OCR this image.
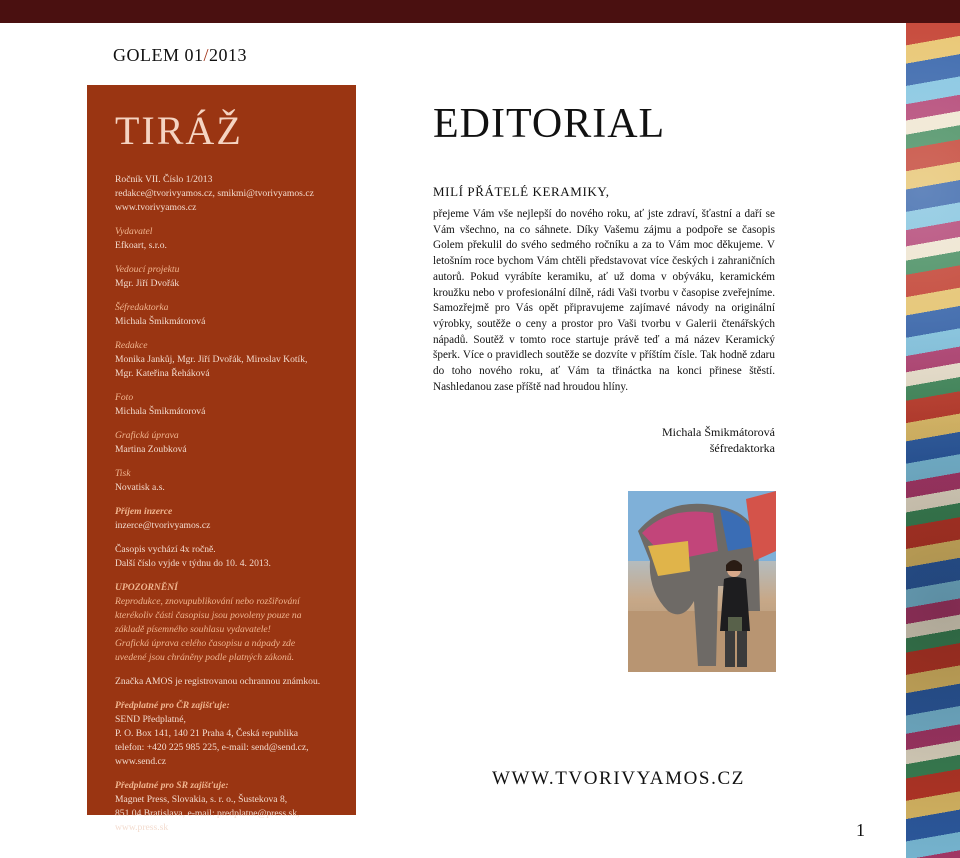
GOLEM 01/2013
TIRÁŽ
Ročník VII. Číslo 1/2013
redakce@tvorivyamos.cz, smikmi@tvorivyamos.cz
www.tvorivyamos.cz
Vydavatel
Efkoart, s.r.o.
Vedoucí projektu
Mgr. Jiří Dvořák
Šéfredaktorka
Michala Šmikmátorová
Redakce
Monika Jankůj, Mgr. Jiří Dvořák, Miroslav Kotík,
Mgr. Kateřina Řeháková
Foto
Michala Šmikmátorová
Grafická úprava
Martina Zoubková
Tisk
Novatisk a.s.
Příjem inzerce
inzerce@tvorivyamos.cz
Časopis vychází 4x ročně.
Další číslo vyjde v týdnu do 10. 4. 2013.
UPOZORNĚNÍ
Reprodukce, znovupublikování nebo rozšiřování
kterékoliv části časopisu jsou povoleny pouze na
základě písemného souhlasu vydavatele!
Grafická úprava celého časopisu a nápady zde
uvedené jsou chráněny podle platných zákonů.
Značka AMOS je registrovanou ochrannou známkou.
Předplatné pro ČR zajišťuje:
SEND Předplatné,
P. O. Box 141, 140 21 Praha 4, Česká republika
telefon: +420 225 985 225, e-mail: send@send.cz,
www.send.cz
Předplatné pro SR zajišťuje:
Magnet Press, Slovakia, s. r. o., Šustekova 8,
851 04 Bratislava, e-mail: predplatne@press.sk,
www.press.sk
EDITORIAL
MILÍ PŘÁTELÉ KERAMIKY,
přejeme Vám vše nejlepší do nového roku, ať jste zdraví, šťastní a daří se Vám všechno, na co sáhnete. Díky Vašemu zájmu a podpoře se časopis Golem překulil do svého sedmého ročníku a za to Vám moc děkujeme. V letošním roce bychom Vám chtěli představovat více českých i zahraničních autorů. Pokud vyrábíte keramiku, ať už doma v obýváku, keramickém kroužku nebo v profesionální dílně, rádi Vaši tvorbu v časopise zveřejníme. Samozřejmě pro Vás opět připravujeme zajímavé návody na originální výrobky, soutěže o ceny a prostor pro Vaši tvorbu v Galerii čtenářských nápadů. Soutěž v tomto roce startuje právě teď a má název Keramický šperk. Více o pravidlech soutěže se dozvíte v příštím čísle. Tak hodně zdaru do toho nového roku, ať Vám ta třináctka na konci přinese štěstí. Nashledanou zase příště nad hroudou hlíny.
Michala Šmikmátorová
šéfredaktorka
WWW.TVORIVYAMOS.CZ
1
